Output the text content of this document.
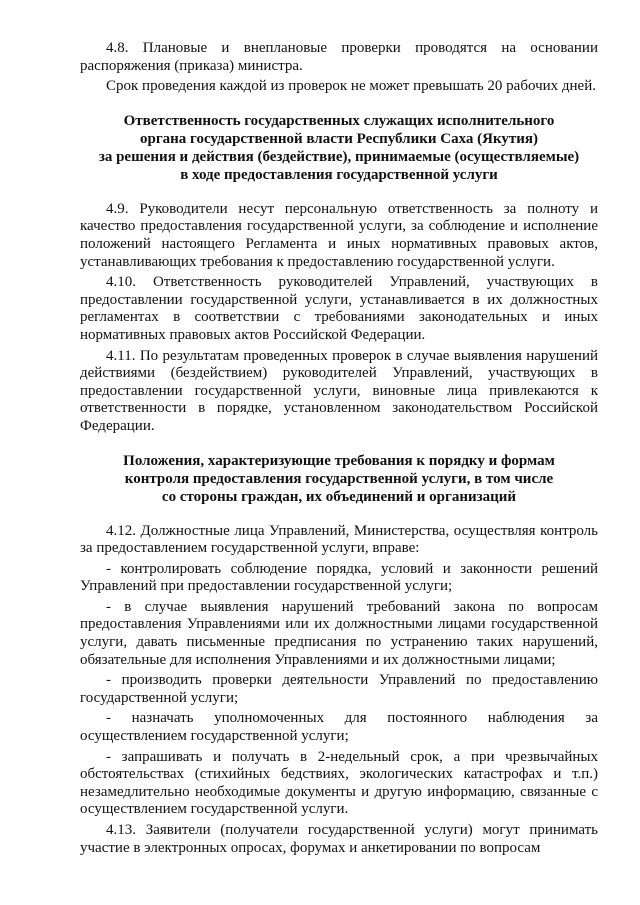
4.8. Плановые и внеплановые проверки проводятся на основании распоряжения (приказа) министра.

Срок проведения каждой из проверок не может превышать 20 рабочих дней.

Ответственность государственных служащих исполнительного
органа государственной власти Республики Саха (Якутия)
за решения и действия (бездействие), принимаемые (осуществляемые)
в ходе предоставления государственной услуги

4.9. Руководители несут персональную ответственность за полноту и качество предоставления государственной услуги, за соблюдение и исполнение положений настоящего Регламента и иных нормативных правовых актов, устанавливающих требования к предоставлению государственной услуги.

4.10. Ответственность руководителей Управлений, участвующих в предоставлении государственной услуги, устанавливается в их должностных регламентах в соответствии с требованиями законодательных и иных нормативных правовых актов Российской Федерации.

4.11. По результатам проведенных проверок в случае выявления нарушений действиями (бездействием) руководителей Управлений, участвующих в предоставлении государственной услуги, виновные лица привлекаются к ответственности в порядке, установленном законодательством Российской Федерации.

Положения, характеризующие требования к порядку и формам
контроля предоставления государственной услуги, в том числе
со стороны граждан, их объединений и организаций

4.12. Должностные лица Управлений, Министерства, осуществляя контроль за предоставлением государственной услуги, вправе:

- контролировать соблюдение порядка, условий и законности решений Управлений при предоставлении государственной услуги;

- в случае выявления нарушений требований закона по вопросам предоставления Управлениями или их должностными лицами государственной услуги, давать письменные предписания по устранению таких нарушений, обязательные для исполнения Управлениями и их должностными лицами;

- производить проверки деятельности Управлений по предоставлению государственной услуги;

- назначать уполномоченных для постоянного наблюдения за осуществлением государственной услуги;

- запрашивать и получать в 2-недельный срок, а при чрезвычайных обстоятельствах (стихийных бедствиях, экологических катастрофах и т.п.) незамедлительно необходимые документы и другую информацию, связанные с осуществлением государственной услуги.

4.13. Заявители (получатели государственной услуги) могут принимать участие в электронных опросах, форумах и анкетировании по вопросам
